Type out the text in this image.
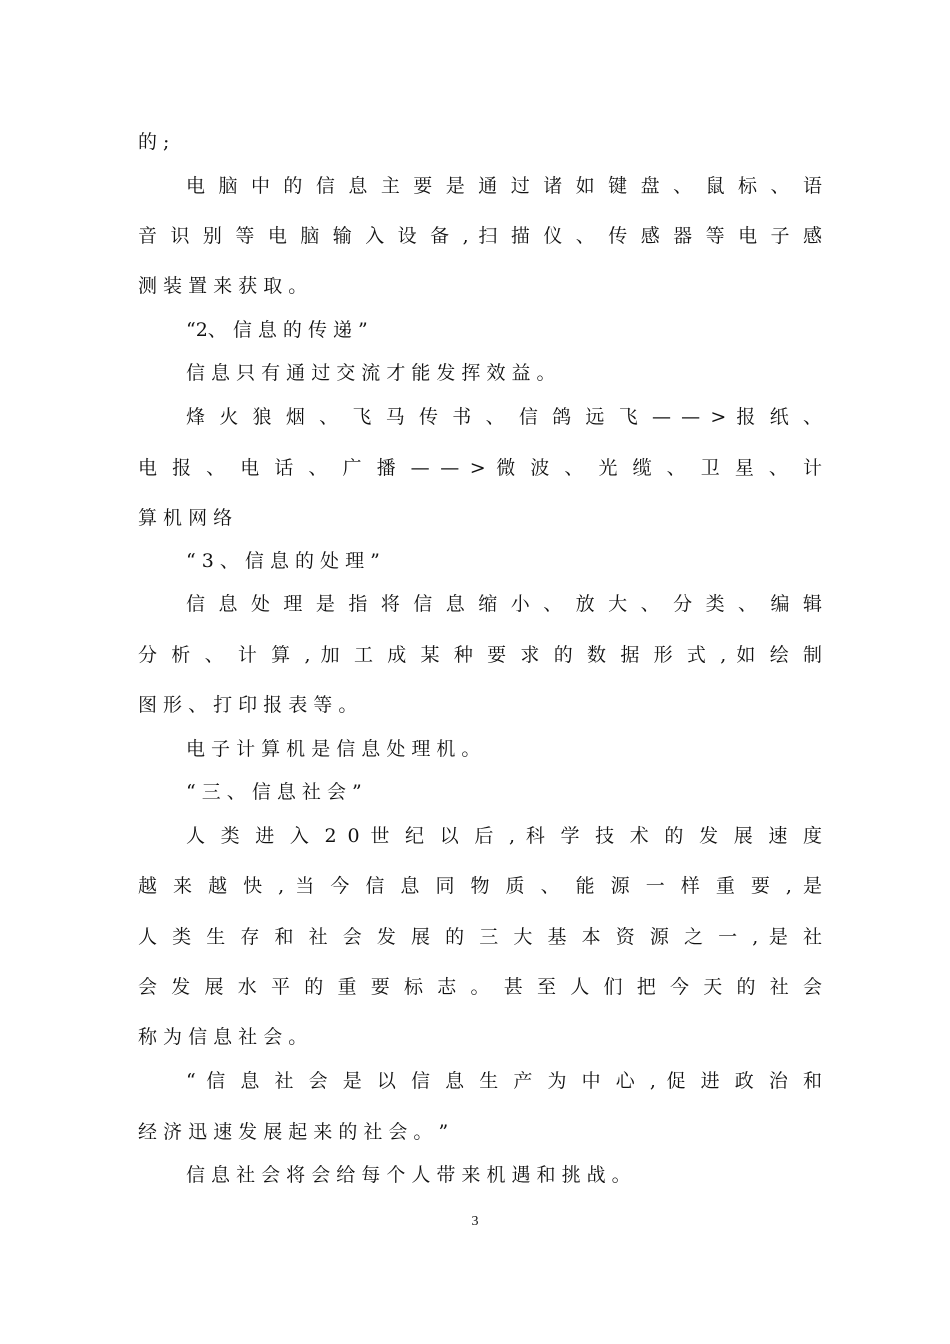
的 ;
电 脑 中 的 信 息 主 要 是 通 过 诸 如 键 盘 、 鼠 标 、 语
音 识 别 等 电 脑 输 入 设 备 , 扫 描 仪 、 传 感 器 等 电 子 感
测 装 置 来 获 取 。
“2、 信 息 的 传 递 ”
信 息 只 有 通 过 交 流 才 能 发 挥 效 益 。
烽 火 狼 烟 、 飞 马 传 书 、 信 鸽 远 飞 — — > 报 纸 、
电 报 、 电 话 、 广 播 — — > 微 波 、 光 缆 、 卫 星 、 计
算 机 网 络
“ 3 、 信 息 的 处 理 ”
信 息 处 理 是 指 将 信 息 缩 小 、 放 大 、 分 类 、 编 辑
分 析 、 计 算 , 加 工 成 某 种 要 求 的 数 据 形 式 , 如 绘 制
图 形 、 打 印 报 表 等 。
电 子 计 算 机 是 信 息 处 理 机 。
“ 三 、 信 息 社 会 ”
人 类 进 入 2 0 世 纪 以 后 , 科 学 技 术 的 发 展 速 度
越 来 越 快 , 当 今 信 息 同 物 质 、 能 源 一 样 重 要 , 是
人 类 生 存 和 社 会 发 展 的 三 大 基 本 资 源 之 一 , 是 社
会 发 展 水 平 的 重 要 标 志 。 甚 至 人 们 把 今 天 的 社 会
称 为 信 息 社 会 。
“ 信 息 社 会 是 以 信 息 生 产 为 中 心 , 促 进 政 治 和
经 济 迅 速 发 展 起 来 的 社 会 。 ”
信 息 社 会 将 会 给 每 个 人 带 来 机 遇 和 挑 战 。
3
